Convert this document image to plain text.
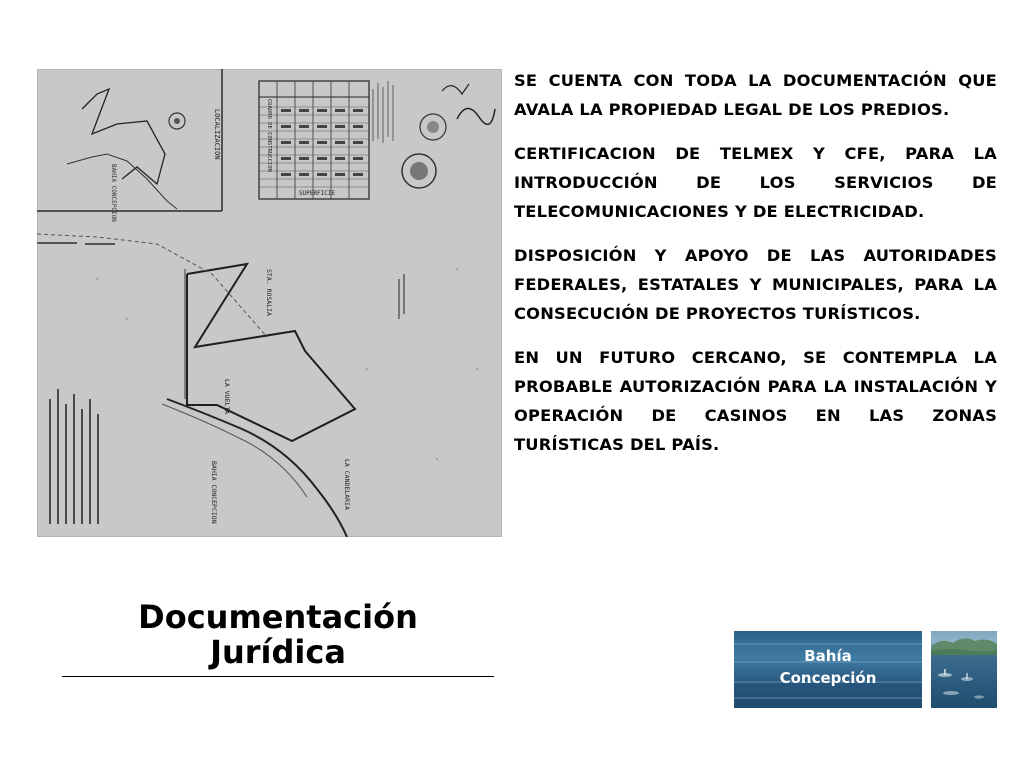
LOCALIZACION
BAHIA CONCEPCION
CUADRO DE CONSTRUCCION
SUPERFICIE
STA. ROSALIA
LA VUELTA
BAHIA CONCEPCION	LA CANDELARIA

SE CUENTA CON TODA LA DOCUMENTACIÓN QUE AVALA LA PROPIEDAD LEGAL DE LOS PREDIOS.

CERTIFICACION DE TELMEX Y CFE, PARA LA INTRODUCCIÓN DE LOS SERVICIOS DE TELECOMUNICACIONES Y DE ELECTRICIDAD.

DISPOSICIÓN Y APOYO DE LAS AUTORIDADES FEDERALES, ESTATALES Y MUNICIPALES, PARA LA CONSECUCIÓN DE PROYECTOS TURÍSTICOS.

EN UN FUTURO CERCANO, SE CONTEMPLA LA PROBABLE AUTORIZACIÓN PARA LA INSTALACIÓN Y OPERACIÓN DE CASINOS EN LAS ZONAS TURÍSTICAS DEL PAÍS.

Documentación
Jurídica	Bahía
Concepción
